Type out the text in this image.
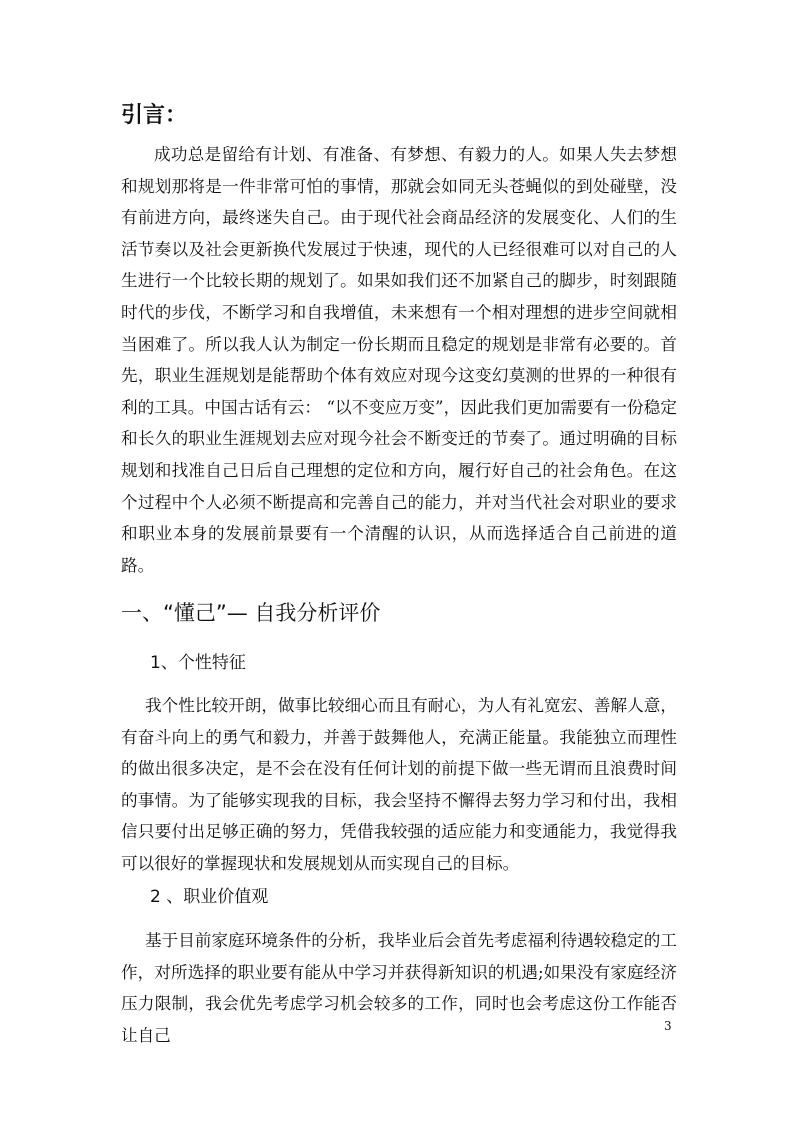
引言：

成功总是留给有计划、有准备、有梦想、有毅力的人。如果人失去梦想和规划那将是一件非常可怕的事情，那就会如同无头苍蝇似的到处碰壁，没有前进方向，最终迷失自己。由于现代社会商品经济的发展变化、人们的生活节奏以及社会更新换代发展过于快速，现代的人已经很难可以对自己的人生进行一个比较长期的规划了。如果如我们还不加紧自己的脚步，时刻跟随时代的步伐，不断学习和自我增值，未来想有一个相对理想的进步空间就相当困难了。所以我人认为制定一份长期而且稳定的规划是非常有必要的。首先，职业生涯规划是能帮助个体有效应对现今这变幻莫测的世界的一种很有利的工具。中国古话有云： “以不变应万变”，因此我们更加需要有一份稳定和长久的职业生涯规划去应对现今社会不断变迁的节奏了。通过明确的目标规划和找准自己日后自己理想的定位和方向，履行好自己的社会角色。在这个过程中个人必须不断提高和完善自己的能力，并对当代社会对职业的要求和职业本身的发展前景要有一个清醒的认识，从而选择适合自己前进的道路。

一、“懂己”— 自我分析评价
1、个性特征

我个性比较开朗，做事比较细心而且有耐心，为人有礼宽宏、善解人意，有奋斗向上的勇气和毅力，并善于鼓舞他人，充满正能量。我能独立而理性的做出很多决定，是不会在没有任何计划的前提下做一些无谓而且浪费时间的事情。为了能够实现我的目标，我会坚持不懈得去努力学习和付出，我相信只要付出足够正确的努力，凭借我较强的适应能力和变通能力，我觉得我可以很好的掌握现状和发展规划从而实现自己的目标。

2 、职业价值观

基于目前家庭环境条件的分析，我毕业后会首先考虑福利待遇较稳定的工作，对所选择的职业要有能从中学习并获得新知识的机遇;如果没有家庭经济压力限制，我会优先考虑学习机会较多的工作，同时也会考虑这份工作能否让自己	3
